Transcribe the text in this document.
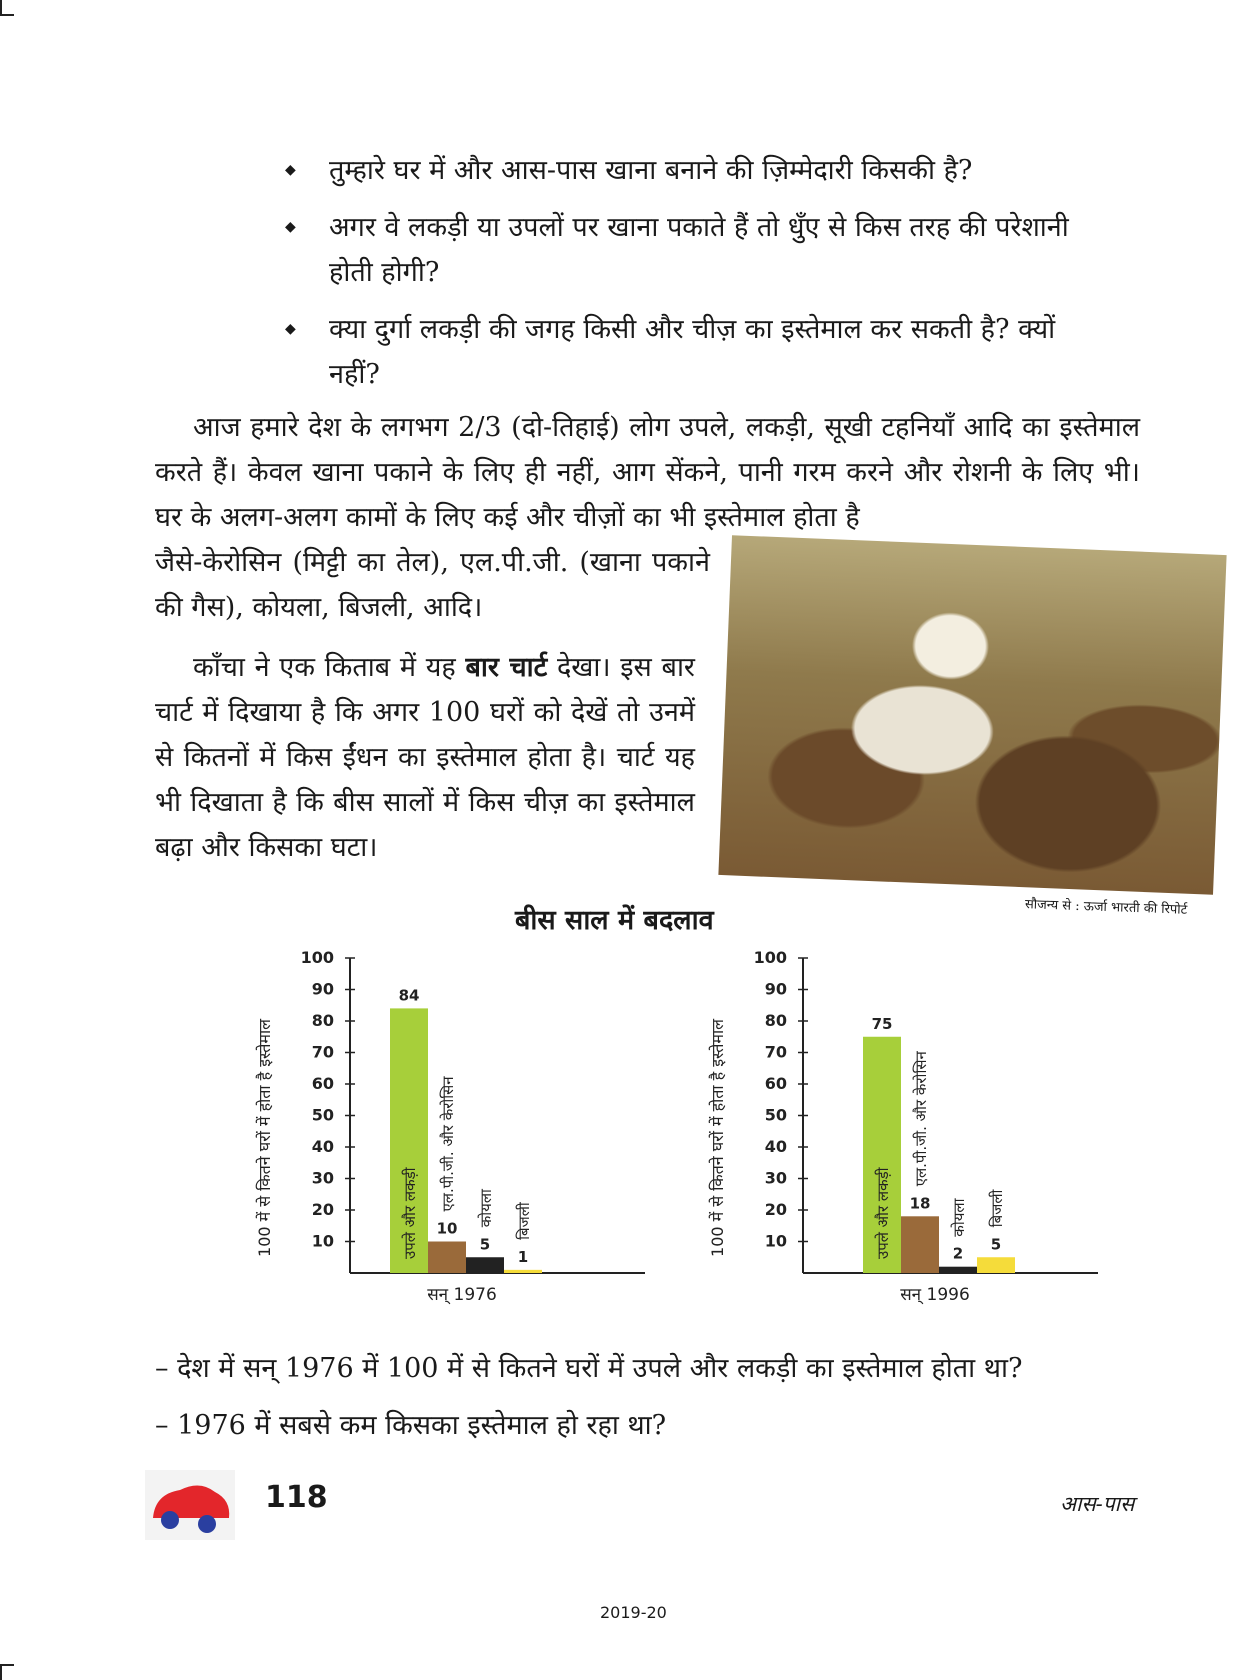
◆ तुम्हारे घर में और आस-पास खाना बनाने की ज़िम्मेदारी किसकी है?
◆ अगर वे लकड़ी या उपलों पर खाना पकाते हैं तो धुँए से किस तरह की परेशानी होती होगी?
◆ क्या दुर्गा लकड़ी की जगह किसी और चीज़ का इस्तेमाल कर सकती है? क्यों नहीं?
आज हमारे देश के लगभग 2/3 (दो-तिहाई) लोग उपले, लकड़ी, सूखी टहनियाँ आदि का इस्तेमाल करते हैं। केवल खाना पकाने के लिए ही नहीं, आग सेंकने, पानी गरम करने और रोशनी के लिए भी। घर के अलग-अलग कामों के लिए कई और चीज़ों का भी इस्तेमाल होता है
जैसे-केरोसिन (मिट्टी का तेल), एल.पी.जी. (खाना पकाने की गैस), कोयला, बिजली, आदि।
काँचा ने एक किताब में यह बार चार्ट देखा। इस बार चार्ट में दिखाया है कि अगर 100 घरों को देखें तो उनमें से कितनों में किस ईंधन का इस्तेमाल होता है। चार्ट यह भी दिखाता है कि बीस सालों में किस चीज़ का इस्तेमाल बढ़ा और किसका घटा।
सौजन्य से : ऊर्जा भारती की रिपोर्ट
बीस साल में बदलाव
100 में से कितने घरों में होता है इस्तेमाल 10
20
30
40
50
60
70
80
90
100
84
उपले और लकड़ी 10
एल.पी.जी. और केरोसिन
5
कोयला
1
बिजली
सन् 1976
100 में से कितने घरों में होता है इस्तेमाल 10
20
30
40
50
60
70
80
90
100
75
उपले और लकड़ी 18
एल.पी.जी. और केरोसिन
2
कोयला
5
बिजली
सन् 1996
– देश में सन् 1976 में 100 में से कितने घरों में उपले और लकड़ी का इस्तेमाल होता था?
– 1976 में सबसे कम किसका इस्तेमाल हो रहा था?
118	आस-पास
2019-20
